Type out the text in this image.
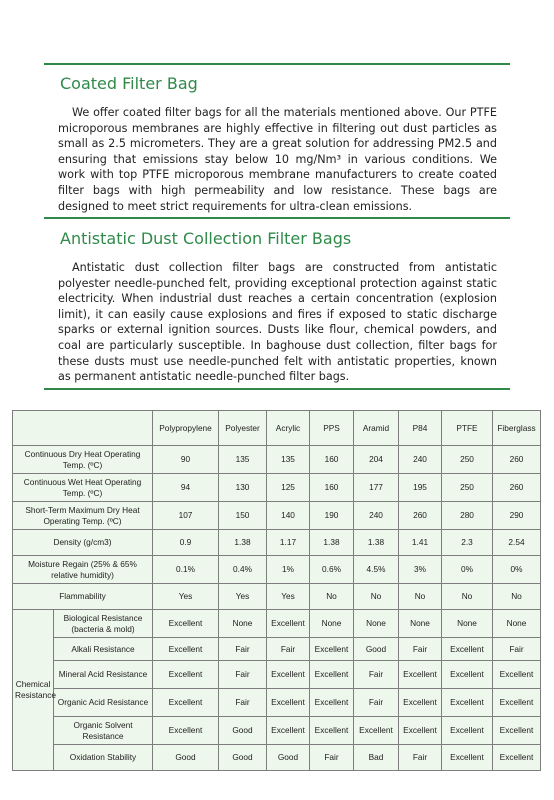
Coated Filter Bag
We offer coated filter bags for all the materials mentioned above. Our PTFE microporous membranes are highly effective in filtering out dust particles as small as 2.5 micrometers. They are a great solution for addressing PM2.5 and ensuring that emissions stay below 10 mg/Nm³ in various conditions. We work with top PTFE microporous membrane manufacturers to create coated filter bags with high permeability and low resistance. These bags are designed to meet strict requirements for ultra-clean emissions.
Antistatic Dust Collection Filter Bags
Antistatic dust collection filter bags are constructed from antistatic polyester needle-punched felt, providing exceptional protection against static electricity. When industrial dust reaches a certain concentration (explosion limit), it can easily cause explosions and fires if exposed to static discharge sparks or external ignition sources. Dusts like flour, chemical powders, and coal are particularly susceptible. In baghouse dust collection, filter bags for these dusts must use needle-punched felt with antistatic properties, known as permanent antistatic needle-punched filter bags.
		Polypropylene	Polyester	Acrylic	PPS	Aramid	P84	PTFE	Fiberglass
Continuous Dry Heat Operating Temp. (ºC)		90	135	135	160	204	240	250	260
Continuous Wet Heat Operating Temp. (ºC)		94	130	125	160	177	195	250	260
Short-Term Maximum Dry Heat Operating Temp. (ºC)		107	150	140	190	240	260	280	290
Density (g/cm3)		0.9	1.38	1.17	1.38	1.38	1.41	2.3	2.54
Moisture Regain (25% & 65% relative humidity)		0.1%	0.4%	1%	0.6%	4.5%	3%	0%	0%
Flammability		Yes	Yes	Yes	No	No	No	No	No
Chemical Resistance	Biological Resistance (bacteria & mold)	Excellent	None	Excellent	None	None	None	None	None
	Alkali Resistance	Excellent	Fair	Fair	Excellent	Good	Fair	Excellent	Fair
	Mineral Acid Resistance	Excellent	Fair	Excellent	Excellent	Fair	Excellent	Excellent	Excellent
	Organic Acid Resistance	Excellent	Fair	Excellent	Excellent	Fair	Excellent	Excellent	Excellent
	Organic Solvent Resistance	Excellent	Good	Excellent	Excellent	Excellent	Excellent	Excellent	Excellent
	Oxidation Stability	Good	Good	Good	Fair	Bad	Fair	Excellent	Excellent
